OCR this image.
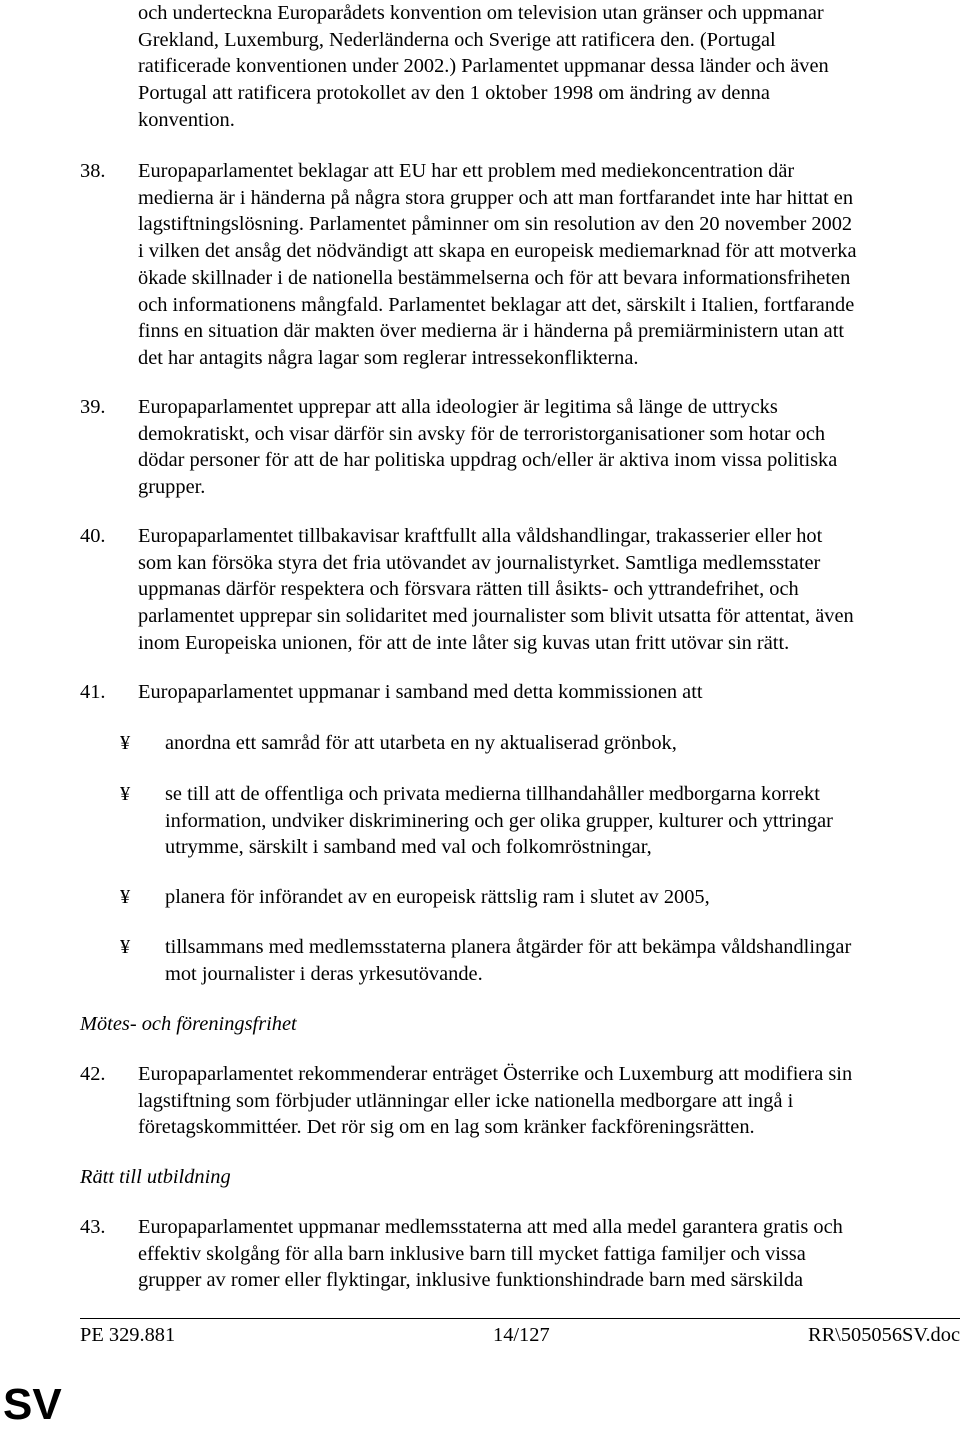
och underteckna Europarådets konvention om television utan gränser och uppmanar
Grekland, Luxemburg, Nederländerna och Sverige att ratificera den. (Portugal
ratificerade konventionen under 2002.) Parlamentet uppmanar dessa länder och även
Portugal att ratificera protokollet av den 1 oktober 1998 om ändring av denna
konvention.
38.	Europaparlamentet beklagar att EU har ett problem med mediekoncentration där
medierna är i händerna på några stora grupper och att man fortfarandet inte har hittat en
lagstiftningslösning. Parlamentet påminner om sin resolution av den 20 november 2002
i vilken det ansåg det nödvändigt att skapa en europeisk mediemarknad för att motverka
ökade skillnader i de nationella bestämmelserna och för att bevara informationsfriheten
och informationens mångfald. Parlamentet beklagar att det, särskilt i Italien, fortfarande
finns en situation där makten över medierna är i händerna på premiärministern utan att
det har antagits några lagar som reglerar intressekonflikterna.
39.	Europaparlamentet upprepar att alla ideologier är legitima så länge de uttrycks
demokratiskt, och visar därför sin avsky för de terroristorganisationer som hotar och
dödar personer för att de har politiska uppdrag och/eller är aktiva inom vissa politiska
grupper.
40.	Europaparlamentet tillbakavisar kraftfullt alla våldshandlingar, trakasserier eller hot
som kan försöka styra det fria utövandet av journalistyrket. Samtliga medlemsstater
uppmanas därför respektera och försvara rätten till åsikts- och yttrandefrihet, och
parlamentet upprepar sin solidaritet med journalister som blivit utsatta för attentat, även
inom Europeiska unionen, för att de inte låter sig kuvas utan fritt utövar sin rätt.
41.	Europaparlamentet uppmanar i samband med detta kommissionen att
¥	anordna ett samråd för att utarbeta en ny aktualiserad grönbok,
¥	se till att de offentliga och privata medierna tillhandahåller medborgarna korrekt
information, undviker diskriminering och ger olika grupper, kulturer och yttringar
utrymme, särskilt i samband med val och folkomröstningar,
¥	planera för införandet av en europeisk rättslig ram i slutet av 2005,
¥	tillsammans med medlemsstaterna planera åtgärder för att bekämpa våldshandlingar
mot journalister i deras yrkesutövande.
Mötes- och föreningsfrihet
42.	Europaparlamentet rekommenderar enträget Österrike och Luxemburg att modifiera sin
lagstiftning som förbjuder utlänningar eller icke nationella medborgare att ingå i
företagskommittéer. Det rör sig om en lag som kränker fackföreningsrätten.
Rätt till utbildning
43.	Europaparlamentet uppmanar medlemsstaterna att med alla medel garantera gratis och
effektiv skolgång för alla barn inklusive barn till mycket fattiga familjer och vissa
grupper av romer eller flyktingar, inklusive funktionshindrade barn med särskilda
PE 329.881	14/127	RR\505056SV.doc
SV
